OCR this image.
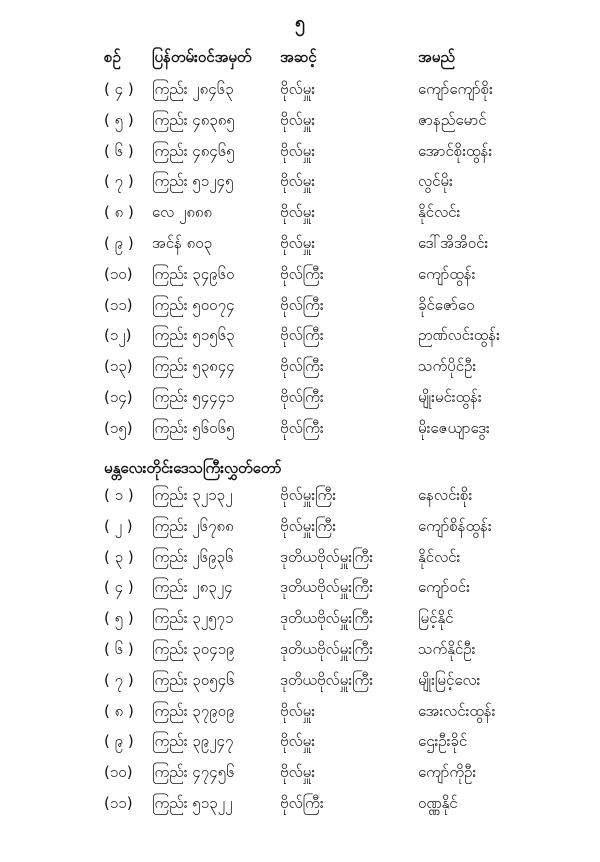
၅
စဉ် ပြန်တမ်းဝင်အမှတ် အဆင့်	အမည်
( ၄ ) ကြည်း ၂၈၄၆၃	ဗိုလ်မှူး	ကျော်ကျော်စိုး
( ၅ ) ကြည်း ၄၈၃၈၅	ဗိုလ်မှူး	ဇာနည်မောင်
( ၆ ) ကြည်း ၄၈၄၆၅	ဗိုလ်မှူး	အောင်စိုးထွန်း
( ၇ ) ကြည်း ၅၁၂၄၅	ဗိုလ်မှူး	လွင်မိုး
( ၈ ) လေ ၂၈၈၈	ဗိုလ်မှူး	နိုင်လင်း
( ၉ ) အင်န် ၈၀၃	ဗိုလ်မှူး	ဒေါ်အိအိဝင်း
(၁၀) ကြည်း ၃၄၉၆၀	ဗိုလ်ကြီး	ကျော်ထွန်း
(၁၁) ကြည်း ၅၀၀၇၄	ဗိုလ်ကြီး	ခိုင်ဇော်ဝေ
(၁၂) ကြည်း ၅၁၅၆၃	ဗိုလ်ကြီး	ဉာဏ်လင်းထွန်း
(၁၃) ကြည်း ၅၃၈၄၄	ဗိုလ်ကြီး	သက်ပိုင်ဦး
(၁၄) ကြည်း ၅၄၄၄၁	ဗိုလ်ကြီး	မျိုးမင်းထွန်း
(၁၅) ကြည်း ၅၆၀၆၅	ဗိုလ်ကြီး	မိုးဇေယျာဒွေး
မန္တလေးတိုင်းဒေသကြီးလွှတ်တော်
( ၁ ) ကြည်း ၃၂၁၃၂	ဗိုလ်မှူးကြီး	နေလင်းစိုး
( ၂ ) ကြည်း ၂၆၇၈၈	ဗိုလ်မှူးကြီး	ကျော်စိန်ထွန်း
( ၃ ) ကြည်း ၂၆၉၃၆	ဒုတိယဗိုလ်မှူးကြီး	နိုင်လင်း
( ၄ ) ကြည်း ၂၈၃၂၄	ဒုတိယဗိုလ်မှူးကြီး	ကျော်ဝင်း
( ၅ ) ကြည်း ၃၂၅၇၁	ဒုတိယဗိုလ်မှူးကြီး	မြင့်နိုင်
( ၆ ) ကြည်း ၃၀၄၁၉	ဒုတိယဗိုလ်မှူးကြီး	သက်နိုင်ဦး
( ၇ ) ကြည်း ၃၀၅၄၆	ဒုတိယဗိုလ်မှူးကြီး	မျိုးမြင့်လေး
( ၈ ) ကြည်း ၃၇၉၀၉	ဗိုလ်မှူး	အေးလင်းထွန်း
( ၉ ) ကြည်း ၃၉၂၄၇	ဗိုလ်မှူး	ဌေးဦးခိုင်
(၁၀) ကြည်း ၄၇၄၅၆	ဗိုလ်မှူး	ကျော်ကိုဦး
(၁၁) ကြည်း ၅၁၃၂၂	ဗိုလ်ကြီး	ဝဏ္ဏနိုင်
